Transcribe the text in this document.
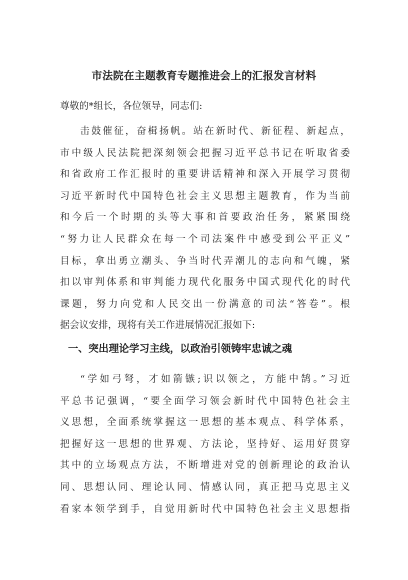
市法院在主题教育专题推进会上的汇报发言材料
尊敬的*组长，各位领导，同志们:
击鼓催征，奋楫扬帆。站在新时代、新征程、新起点，
市中级人民法院把深刻领会把握习近平总书记在听取省委
和省政府工作汇报时的重要讲话精神和深入开展学习贯彻
习近平新时代中国特色社会主义思想主题教育，作为当前
和今后一个时期的头等大事和首要政治任务，紧紧围绕
“努力让人民群众在每一个司法案件中感受到公平正义”
目标，拿出勇立潮头、争当时代弄潮儿的志向和气魄，紧
扣以审判体系和审判能力现代化服务中国式现代化的时代
课题，努力向党和人民交出一份满意的司法“答卷”。根
据会议安排，现将有关工作进展情况汇报如下:
一、突出理论学习主线，以政治引领铸牢忠诚之魂
“学如弓弩，才如箭镞;识以领之，方能中鹄。”习近
平总书记强调，“要全面学习领会新时代中国特色社会主
义思想，全面系统掌握这一思想的基本观点、科学体系，
把握好这一思想的世界观、方法论，坚持好、运用好贯穿
其中的立场观点方法，不断增进对党的创新理论的政治认
同、思想认同、理论认同、情感认同，真正把马克思主义
看家本领学到手，自觉用新时代中国特色社会主义思想指
